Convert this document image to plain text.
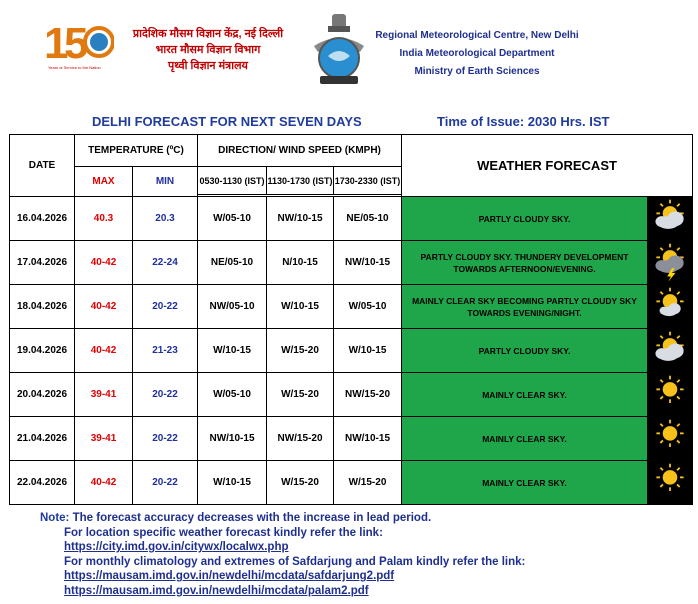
1
5
Years of Service to the Nation
प्रादेशिक मौसम विज्ञान केंद्र, नई दिल्ली
भारत मौसम विज्ञान विभाग
पृथ्वी विज्ञान मंत्रालय
Regional Meteorological Centre, New Delhi
India Meteorological Department
Ministry of Earth Sciences
DELHI FORECAST FOR NEXT SEVEN DAYS	Time of Issue: 2030 Hrs. IST
DATE	TEMPERATURE (ºC)		DIRECTION/ WIND SPEED (KMPH)			WEATHER FORECAST	
	MAX	MIN	0530-1130 (IST)	1130-1730 (IST)	1730-2330 (IST)		

16.04.2026	40.3	20.3	W/05-10	NW/10-15	NE/05-10	PARTLY CLOUDY SKY.	
17.04.2026	40-42	22-24	NE/05-10	N/10-15	NW/10-15	PARTLY CLOUDY SKY. THUNDERY DEVELOPMENT TOWARDS AFTERNOON/EVENING.	
18.04.2026	40-42	20-22	NW/05-10	W/10-15	W/05-10	MAINLY CLEAR SKY BECOMING PARTLY CLOUDY SKY TOWARDS EVENING/NIGHT.	
19.04.2026	40-42	21-23	W/10-15	W/15-20	W/10-15	PARTLY CLOUDY SKY.	
20.04.2026	39-41	20-22	W/05-10	W/15-20	NW/15-20	MAINLY CLEAR SKY.	
21.04.2026	39-41	20-22	NW/10-15	NW/15-20	NW/10-15	MAINLY CLEAR SKY.	
22.04.2026	40-42	20-22	W/10-15	W/15-20	W/15-20	MAINLY CLEAR SKY.	
Note: The forecast accuracy decreases with the increase in lead period.
For location specific weather forecast kindly refer the link:
https://city.imd.gov.in/citywx/localwx.php
For monthly climatology and extremes of Safdarjung and Palam kindly refer the link:
https://mausam.imd.gov.in/newdelhi/mcdata/safdarjung2.pdf
https://mausam.imd.gov.in/newdelhi/mcdata/palam2.pdf
